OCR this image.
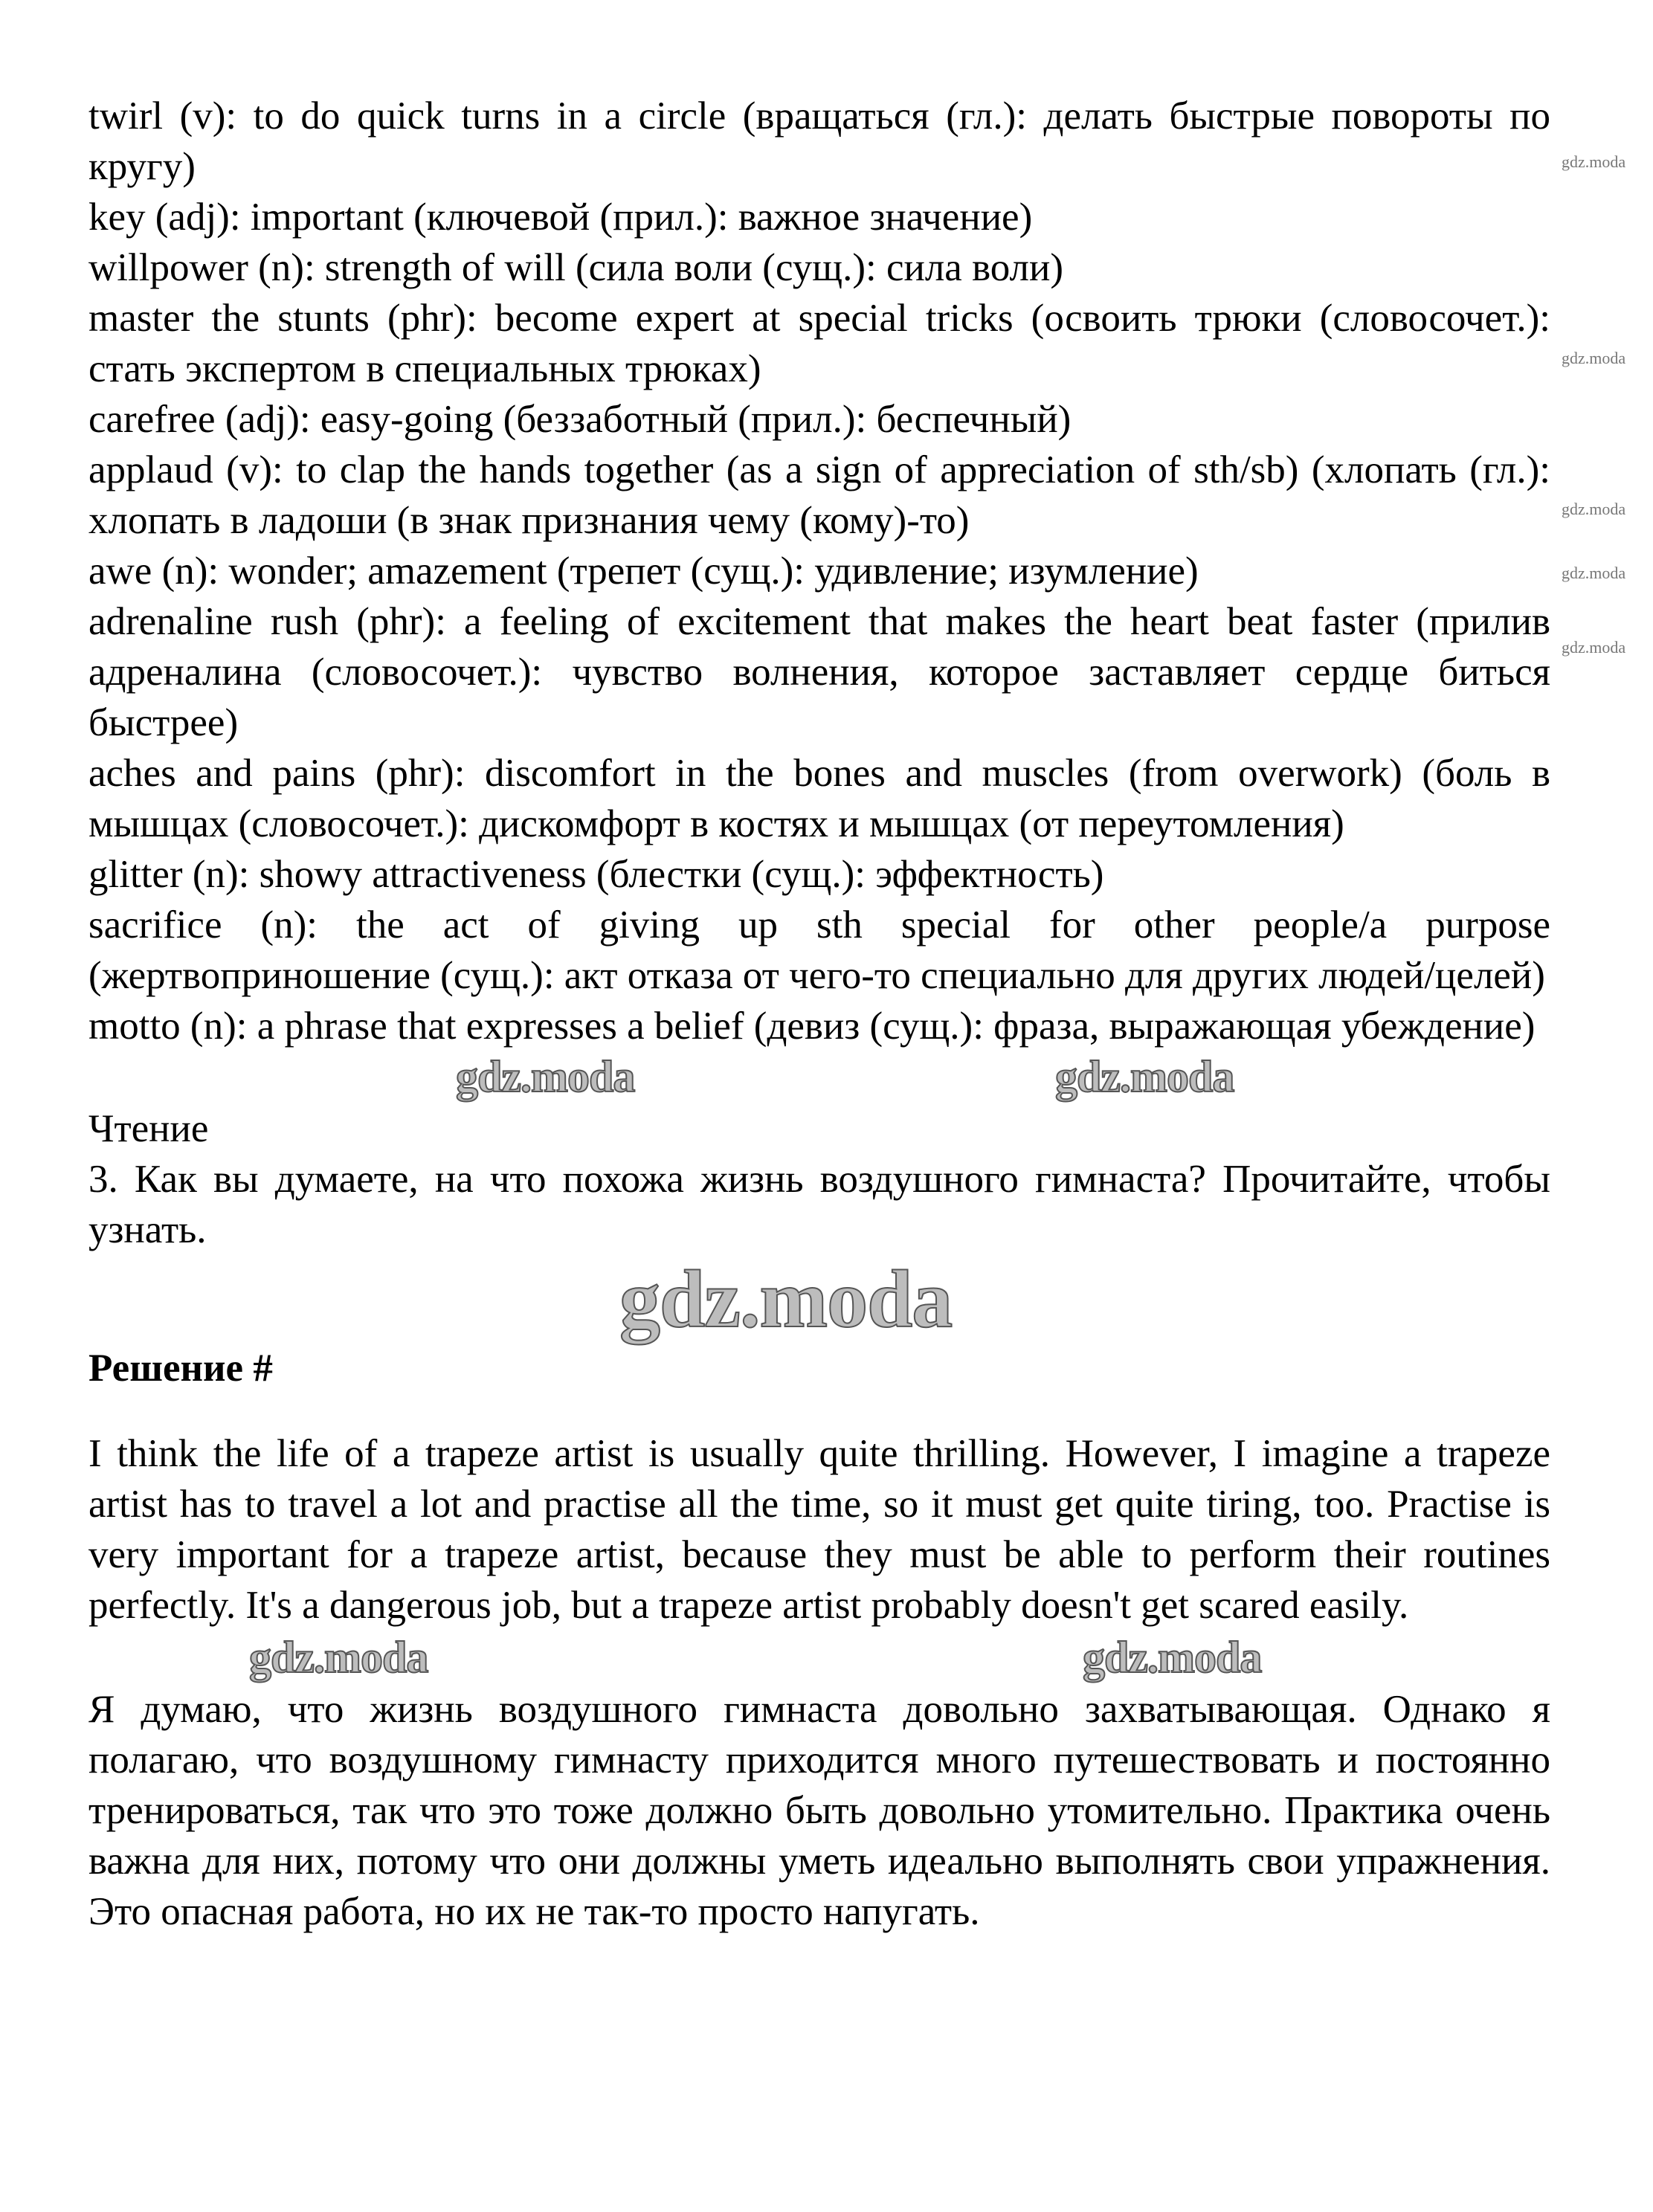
twirl (v): to do quick turns in a circle (вращаться (гл.): делать быстрые повороты по кругу)

key (adj): important (ключевой (прил.): важное значение)

willpower (n): strength of will (сила воли (сущ.): сила воли)

master the stunts (phr): become expert at special tricks (освоить трюки (словосочет.): стать экспертом в специальных трюках)

carefree (adj): easy-going (беззаботный (прил.): беспечный)

applaud (v): to clap the hands together (as a sign of appreciation of sth/sb) (хлопать (гл.): хлопать в ладоши (в знак признания чему (кому)-то)

awe (n): wonder; amazement (трепет (сущ.): удивление; изумление)

adrenaline rush (phr): a feeling of excitement that makes the heart beat faster (прилив адреналина (словосочет.): чувство волнения, которое заставляет сердце биться быстрее)

aches and pains (phr): discomfort in the bones and muscles (from overwork) (боль в мышцах (словосочет.): дискомфорт в костях и мышцах (от переутомления)

glitter (n): showy attractiveness (блестки (сущ.): эффектность)

sacrifice (n): the act of giving up sth special for other people/a purpose (жертвоприношение (сущ.): акт отказа от чего-то специально для других людей/целей)

motto (n): a phrase that expresses a belief (девиз (сущ.): фраза, выражающая убеждение)

gdz.moda	gdz.moda

Чтение

3. Как вы думаете, на что похожа жизнь воздушного гимнаста? Прочитайте, чтобы узнать.

gdz.moda

Решение #

I think the life of a trapeze artist is usually quite thrilling. However, I imagine a trapeze artist has to travel a lot and practise all the time, so it must get quite tiring, too. Practise is very important for a trapeze artist, because they must be able to perform their routines perfectly. It's a dangerous job, but a trapeze artist probably doesn't get scared easily.

gdz.moda	gdz.moda

Я думаю, что жизнь воздушного гимнаста довольно захватывающая. Однако я полагаю, что воздушному гимнасту приходится много путешествовать и постоянно тренироваться, так что это тоже должно быть довольно утомительно. Практика очень важна для них, потому что они должны уметь идеально выполнять свои упражнения. Это опасная работа, но их не так-то просто напугать.

gdz.moda
gdz.moda
gdz.moda
gdz.moda
gdz.moda
